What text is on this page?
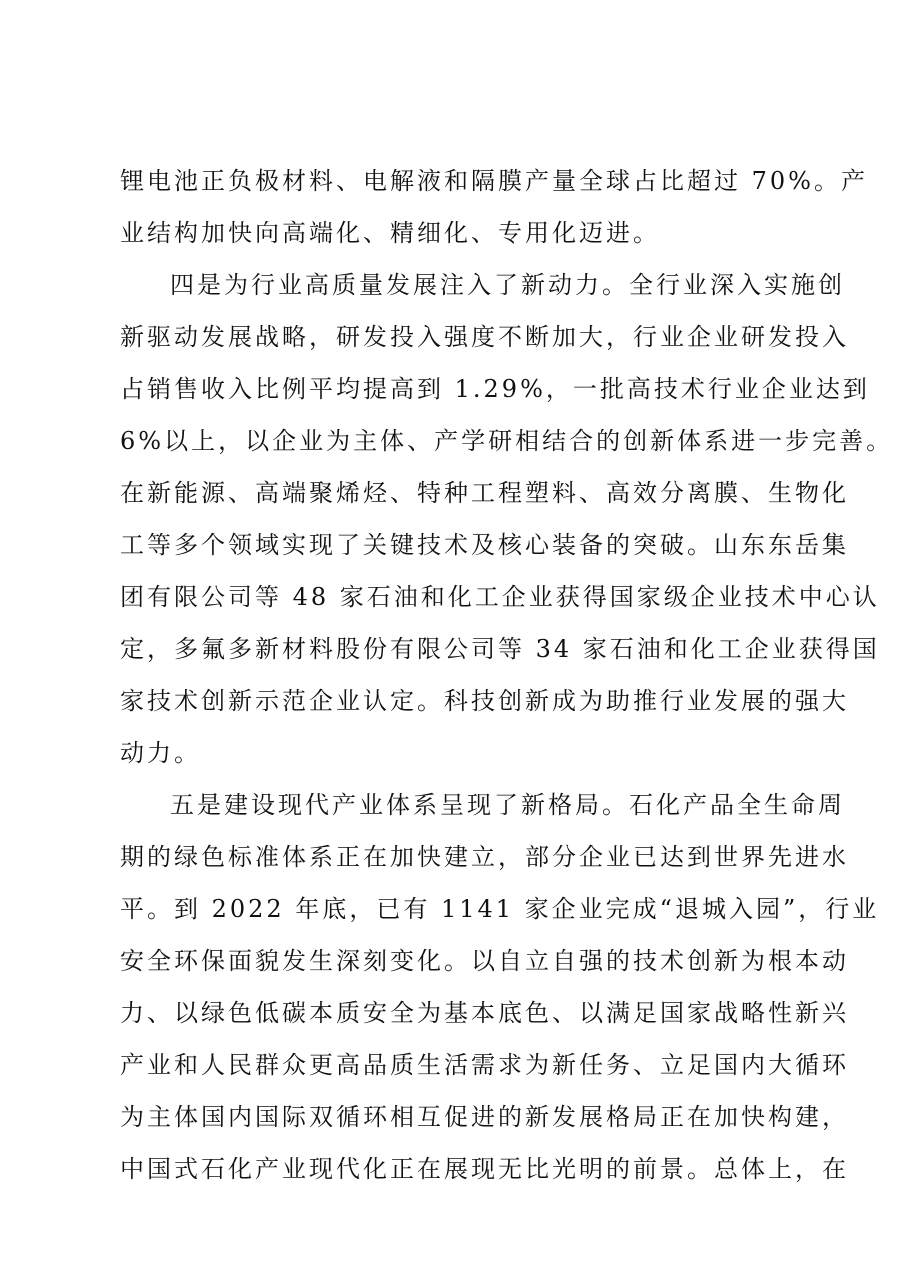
锂电池正负极材料、电解液和隔膜产量全球占比超过 70%。产
业结构加快向高端化、精细化、专用化迈进。
四是为行业高质量发展注入了新动力。全行业深入实施创
新驱动发展战略，研发投入强度不断加大，行业企业研发投入
占销售收入比例平均提高到 1.29%，一批高技术行业企业达到
6%以上，以企业为主体、产学研相结合的创新体系进一步完善。
在新能源、高端聚烯烃、特种工程塑料、高效分离膜、生物化
工等多个领域实现了关键技术及核心装备的突破。山东东岳集
团有限公司等 48 家石油和化工企业获得国家级企业技术中心认
定，多氟多新材料股份有限公司等 34 家石油和化工企业获得国
家技术创新示范企业认定。科技创新成为助推行业发展的强大
动力。
五是建设现代产业体系呈现了新格局。石化产品全生命周
期的绿色标准体系正在加快建立，部分企业已达到世界先进水
平。到 2022 年底，已有 1141 家企业完成“退城入园”，行业
安全环保面貌发生深刻变化。以自立自强的技术创新为根本动
力、以绿色低碳本质安全为基本底色、以满足国家战略性新兴
产业和人民群众更高品质生活需求为新任务、立足国内大循环
为主体国内国际双循环相互促进的新发展格局正在加快构建，
中国式石化产业现代化正在展现无比光明的前景。总体上，在
